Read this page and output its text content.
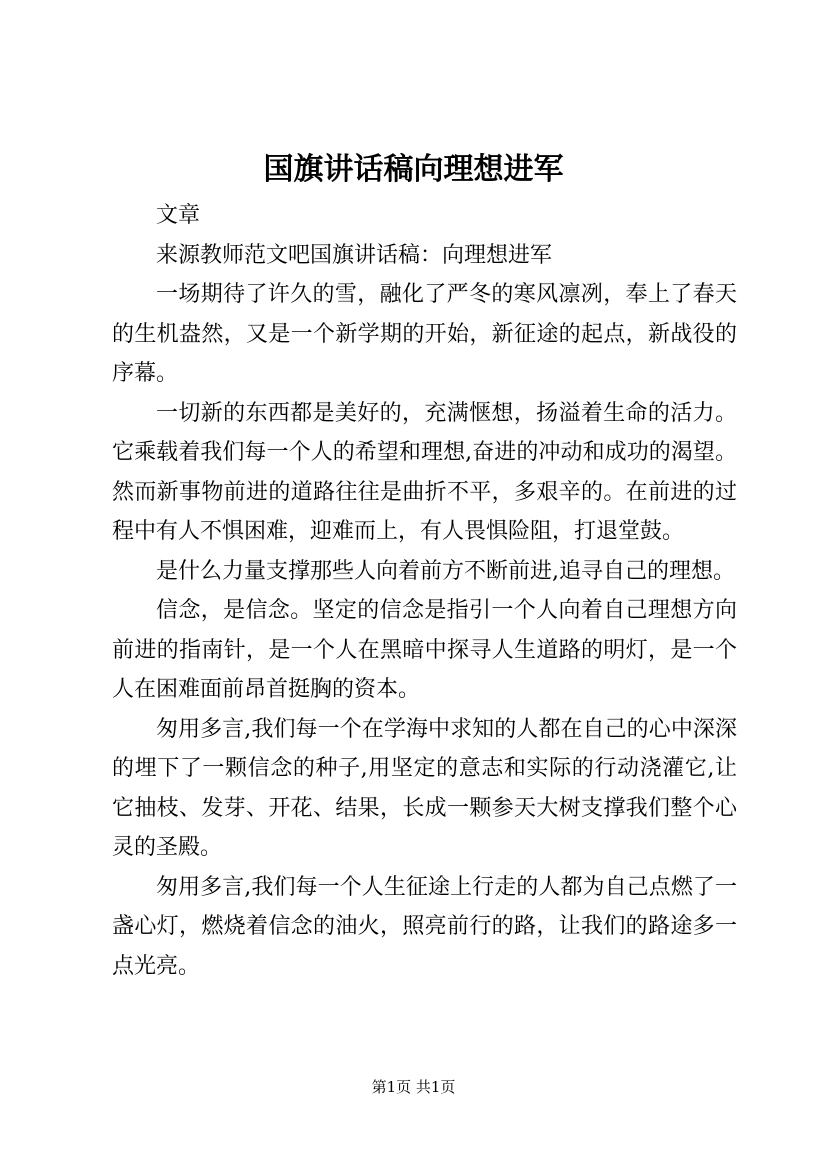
国旗讲话稿向理想进军

文章

来源教师范文吧国旗讲话稿：向理想进军

一场期待了许久的雪，融化了严冬的寒风凛冽，奉上了春天的生机盎然，又是一个新学期的开始，新征途的起点，新战役的序幕。

一切新的东西都是美好的，充满惬想，扬溢着生命的活力。它乘载着我们每一个人的希望和理想,奋进的冲动和成功的渴望。然而新事物前进的道路往往是曲折不平，多艰辛的。在前进的过程中有人不惧困难，迎难而上，有人畏惧险阻，打退堂鼓。

是什么力量支撑那些人向着前方不断前进,追寻自己的理想。

信念，是信念。坚定的信念是指引一个人向着自己理想方向前进的指南针，是一个人在黑暗中探寻人生道路的明灯，是一个人在困难面前昂首挺胸的资本。

匆用多言,我们每一个在学海中求知的人都在自己的心中深深的埋下了一颗信念的种子,用坚定的意志和实际的行动浇灌它,让它抽枝、发芽、开花、结果，长成一颗参天大树支撑我们整个心灵的圣殿。

匆用多言,我们每一个人生征途上行走的人都为自己点燃了一盏心灯，燃烧着信念的油火，照亮前行的路，让我们的路途多一点光亮。

第1页 共1页
